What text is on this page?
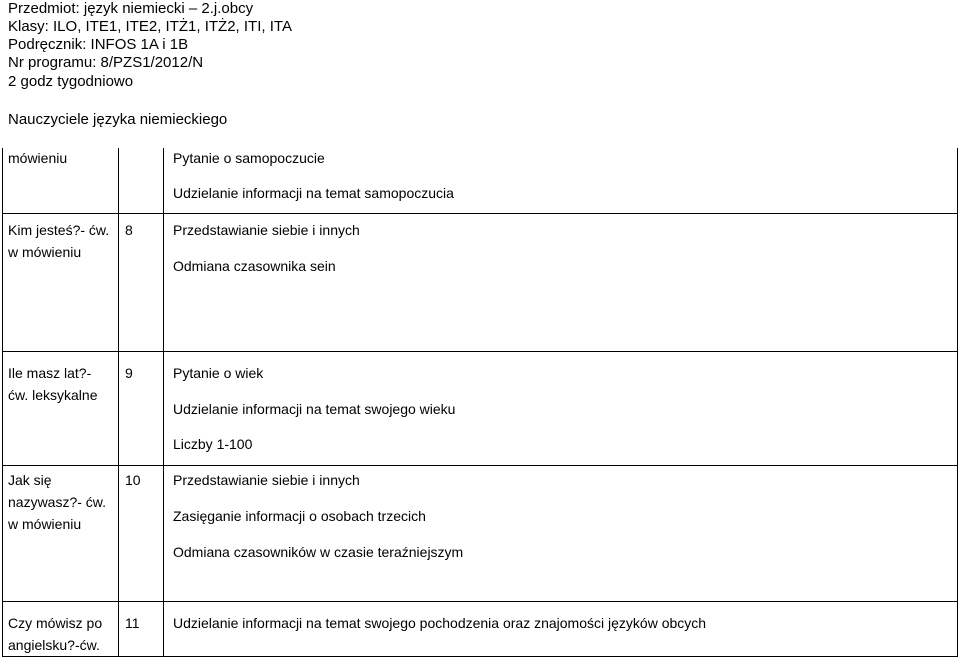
Przedmiot: język niemiecki – 2.j.obcy
Klasy: ILO, ITE1, ITE2, ITŻ1, ITŻ2, ITI, ITA
Podręcznik: INFOS 1A i 1B
Nr programu: 8/PZS1/2012/N
2 godz tygodniowo
Nauczyciele języka niemieckiego
mówieniu	Pytanie o samopoczucie
Udzielanie informacji na temat samopoczucia
Kim jesteś?- ćw.
w mówieniu
8	Przedstawianie siebie i innych
Odmiana czasownika sein
Ile masz lat?-
ćw. leksykalne
9	Pytanie o wiek
Udzielanie informacji na temat swojego wieku
Liczby 1-100
Jak się
nazywasz?- ćw.
w mówieniu
10 Przedstawianie siebie i innych
Zasięganie informacji o osobach trzecich
Odmiana czasowników w czasie teraźniejszym
Czy mówisz po
angielsku?-ćw.
11 Udzielanie informacji na temat swojego pochodzenia oraz znajomości języków obcych
